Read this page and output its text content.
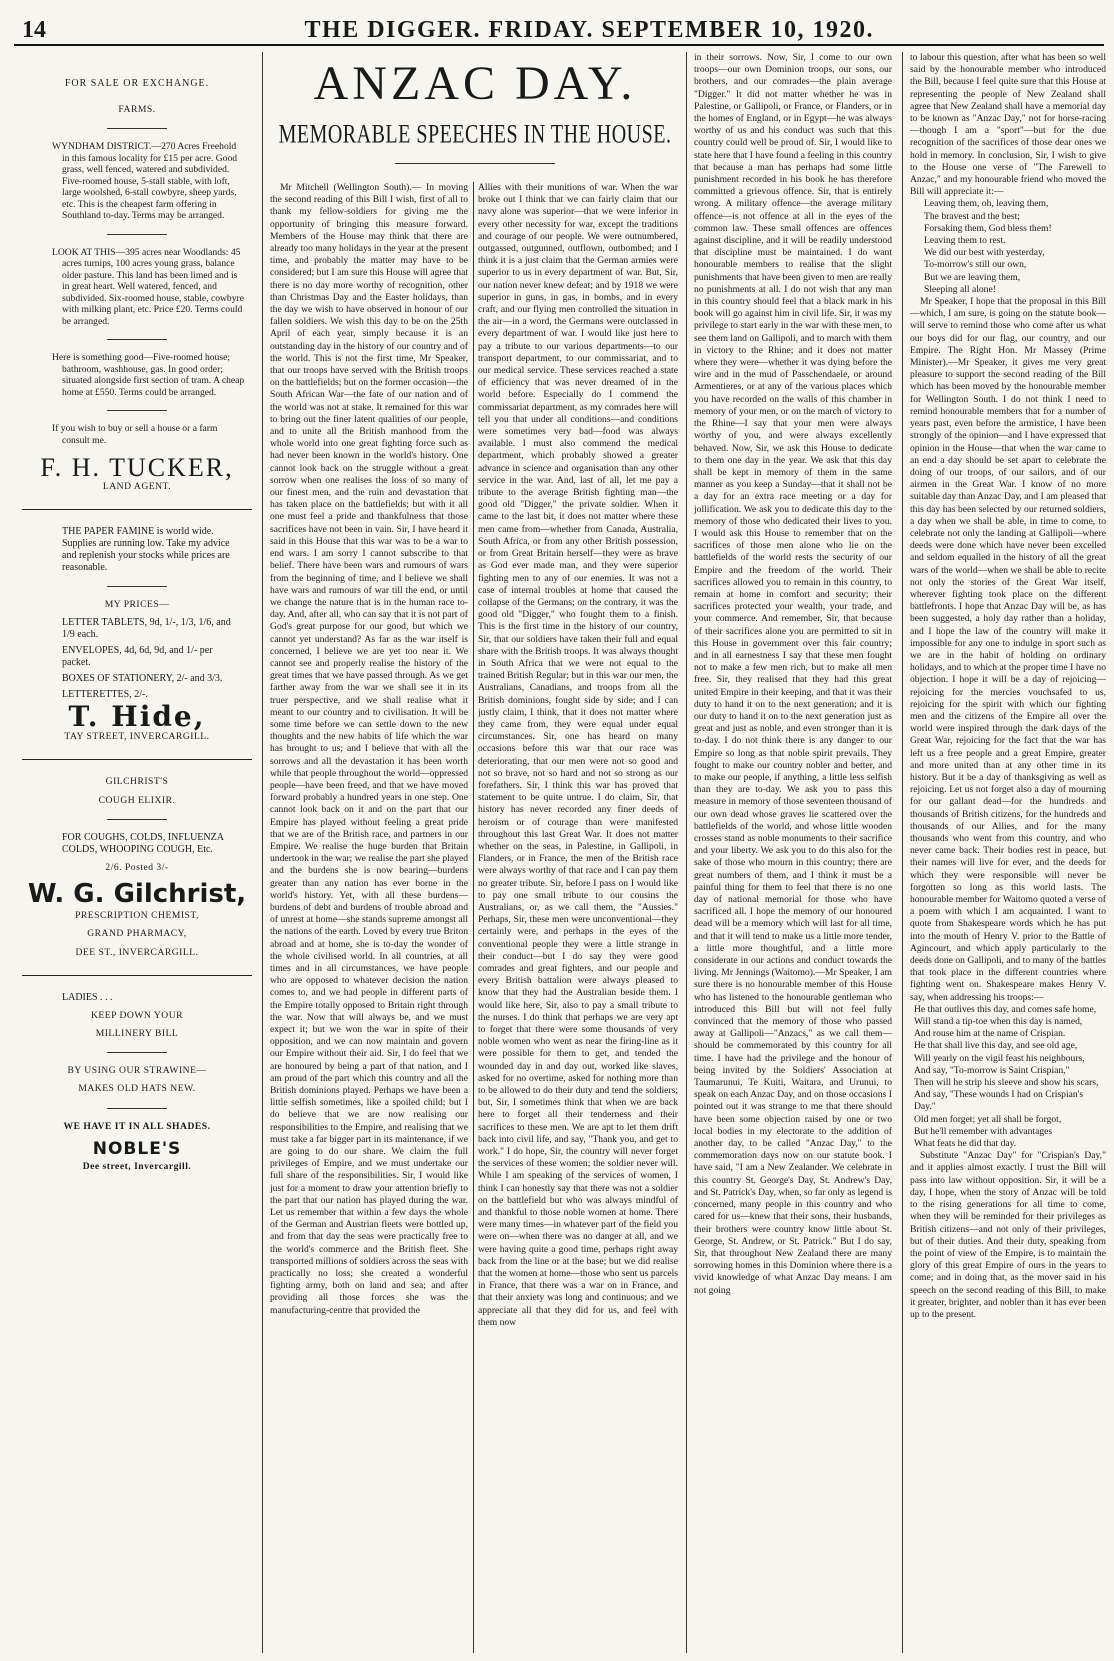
14	THE DIGGER. FRIDAY. SEPTEMBER 10, 1920.
FOR SALE OR EXCHANGE.
FARMS.
WYNDHAM DISTRICT.—270 Acres Freehold in this famous locality for £15 per acre. Good grass, well fenced, watered and subdivided. Five-roomed house, 5-stall stable, with loft, large woolshed, 6-stall cowbyre, sheep yards, etc. This is the cheapest farm offering in Southland to-day. Terms may be arranged.
LOOK AT THIS—395 acres near Woodlands: 45 acres turnips, 100 acres young grass, balance older pasture. This land has been limed and is in great heart. Well watered, fenced, and subdivided. Six-roomed house, stable, cowbyre with milking plant, etc. Price £20. Terms could be arranged.
Here is something good—Five-roomed house; bathroom, washhouse, gas. In good order; situated alongside first section of tram. A cheap home at £550. Terms could be arranged.
If you wish to buy or sell a house or a farm consult me.
F. H. TUCKER,
LAND AGENT.
THE PAPER FAMINE is world wide. Supplies are running low. Take my advice and replenish your stocks while prices are reasonable.
MY PRICES—
LETTER TABLETS, 9d, 1/-, 1/3, 1/6, and 1/9 each.
ENVELOPES, 4d, 6d, 9d, and 1/- per packet.
BOXES OF STATIONERY, 2/- and 3/3.
LETTERETTES, 2/-.
T. Hide,
TAY STREET, INVERCARGILL.
GILCHRIST'S
COUGH ELIXIR.
FOR COUGHS, COLDS, INFLUENZA COLDS, WHOOPING COUGH, Etc.
2/6. Posted 3/-
W. G. Gilchrist,
PRESCRIPTION CHEMIST,
GRAND PHARMACY,
DEE ST., INVERCARGILL.
LADIES . . .
KEEP DOWN YOUR
MILLINERY BILL
BY USING OUR STRAWINE—
MAKES OLD HATS NEW.
WE HAVE IT IN ALL SHADES.
NOBLE'S
Dee street, Invercargill.
ANZAC DAY.
MEMORABLE SPEECHES IN THE HOUSE.

Mr Mitchell (Wellington South).— In moving the second reading of this Bill I wish, first of all to thank my fellow-soldiers for giving me the opportunity of bringing this measure forward. Members of the House may think that there are already too many holidays in the year at the present time, and probably the matter may have to be considered; but I am sure this House will agree that there is no day more worthy of recognition, other than Christmas Day and the Easter holidays, than the day we wish to have observed in honour of our fallen soldiers. We wish this day to be on the 25th April of each year, simply because it is an outstanding day in the history of our country and of the world. This is not the first time, Mr Speaker, that our troops have served with the British troops on the battlefields; but on the former occasion—the South African War—the fate of our nation and of the world was not at stake. It remained for this war to bring out the finer latent qualities of our people, and to unite all the British manhood from the whole world into one great fighting force such as had never been known in the world's history. One cannot look back on the struggle without a great sorrow when one realises the loss of so many of our finest men, and the ruin and devastation that has taken place on the battlefields; but with it all one must feel a pride and thankfulness that those sacrifices have not been in vain. Sir, I have heard it said in this House that this war was to be a war to end wars. I am sorry I cannot subscribe to that belief. There have been wars and rumours of wars from the beginning of time, and I believe we shall have wars and rumours of war till the end, or until we change the nature that is in the human race to-day. And, after all, who can say that it is not part of God's great purpose for our good, but which we cannot yet understand? As far as the war itself is concerned, I believe we are yet too near it. We cannot see and properly realise the history of the great times that we have passed through. As we get farther away from the war we shall see it in its truer perspective, and we shall realise what it meant to our country and to civilisation. It will be some time before we can settle down to the new thoughts and the new habits of life which the war has brought to us; and I believe that with all the sorrows and all the devastation it has been worth while that people throughout the world—oppressed people—have been freed, and that we have moved forward probably a hundred years in one step. One cannot look back on it and on the part that our Empire has played without feeling a great pride that we are of the British race, and partners in our Empire. We realise the huge burden that Britain undertook in the war; we realise the part she played and the burdens she is now bearing—burdens greater than any nation has ever borne in the world's history. Yet, with all these burdens—burdens of debt and burdens of trouble abroad and of unrest at home—she stands supreme amongst all the nations of the earth. Loved by every true Briton abroad and at home, she is to-day the wonder of the whole civilised world. In all countries, at all times and in all circumstances, we have people who are opposed to whatever decision the nation comes to, and we had people in different parts of the Empire totally opposed to Britain right through the war. Now that will always be, and we must expect it; but we won the war in spite of their opposition, and we can now maintain and govern our Empire without their aid. Sir, I do feel that we are honoured by being a part of that nation, and I am proud of the part which this country and all the British dominions played. Perhaps we have been a little selfish sometimes, like a spoiled child; but I do believe that we are now realising our responsibilities to the Empire, and realising that we must take a far bigger part in its maintenance, if we are going to do our share. We claim the full privileges of Empire, and we must undertake our full share of the responsibilities. Sir, I would like just for a moment to draw your attention briefly to the part that our nation has played during the war. Let us remember that within a few days the whole of the German and Austrian fleets were bottled up, and from that day the seas were practically free to the world's commerce and the British fleet. She transported millions of soldiers across the seas with practically no loss; she created a wonderful fighting army, both on land and sea; and after providing all those forces she was the manufacturing-centre that provided the

Allies with their munitions of war. When the war broke out I think that we can fairly claim that our navy alone was superior—that we were inferior in every other necessity for war, except the traditions and courage of our people. We were outnumbered, outgassed, outgunned, outflown, outbombed; and I think it is a just claim that the German armies were superior to us in every department of war. But, Sir, our nation never knew defeat; and by 1918 we were superior in guns, in gas, in bombs, and in every craft, and our flying men controlled the situation in the air—in a word, the Germans were outclassed in every department of war. I would like just here to pay a tribute to our various departments—to our transport department, to our commissariat, and to our medical service. These services reached a state of efficiency that was never dreamed of in the world before. Especially do I commend the commissariat department, as my comrades here will tell you that under all conditions—and conditions were sometimes very bad—food was always available. I must also commend the medical department, which probably showed a greater advance in science and organisation than any other service in the war. And, last of all, let me pay a tribute to the average British fighting man—the good old "Digger," the private soldier. When it came to the last bit, it does not matter where these men came from—whether from Canada, Australia, South Africa, or from any other British possession, or from Great Britain herself—they were as brave as God ever made man, and they were superior fighting men to any of our enemies. It was not a case of internal troubles at home that caused the collapse of the Germans; on the contrary, it was the good old "Digger," who fought them to a finish. This is the first time in the history of our country, Sir, that our soldiers have taken their full and equal share with the British troops. It was always thought in South Africa that we were not equal to the trained British Regular; but in this war our men, the Australians, Canadians, and troops from all the British dominions, fought side by side; and I can justly claim, I think, that it does not matter where they came from, they were equal under equal circumstances. Sir, one has heard on many occasions before this war that our race was deteriorating, that our men were not so good and not so brave, not so hard and not so strong as our forefathers. Sir, I think this war has proved that statement to be quite untrue. I do claim, Sir, that history has never recorded any finer deeds of heroism or of courage than were manifested throughout this last Great War. It does not matter whether on the seas, in Palestine, in Gallipoli, in Flanders, or in France, the men of the British race were always worthy of that race and I can pay them no greater tribute. Sir, before I pass on I would like to pay one small tribute to our cousins the Australians, or, as we call them, the "Aussies." Perhaps, Sir, these men were unconventional—they certainly were, and perhaps in the eyes of the conventional people they were a little strange in their conduct—but I do say they were good comrades and great fighters, and our people and every British battalion were always pleased to know that they had the Australian beside them. I would like here, Sir, also to pay a small tribute to the nurses. I do think that perhaps we are very apt to forget that there were some thousands of very noble women who went as near the firing-line as it were possible for them to get, and tended the wounded day in and day out, worked like slaves, asked for no overtime, asked for nothing more than to be allowed to do their duty and tend the soldiers; but, Sir, I sometimes think that when we are back here to forget all their tenderness and their sacrifices to these men. We are apt to let them drift back into civil life, and say, "Thank you, and get to work." I do hope, Sir, the country will never forget the services of these women; the soldier never will. While I am speaking of the services of women, I think I can honestly say that there was not a soldier on the battlefield but who was always mindful of and thankful to those noble women at home. There were many times—in whatever part of the field you were on—when there was no danger at all, and we were having quite a good time, perhaps right away back from the line or at the base; but we did realise that the women at home—those who sent us parcels in France, that there was a war on in France, and that their anxiety was long and continuous; and we appreciate all that they did for us, and feel with them now

in their sorrows. Now, Sir, I come to our own troops—our own Dominion troops, our sons, our brothers, and our comrades—the plain average "Digger." It did not matter whether he was in Palestine, or Gallipoli, or France, or Flanders, or in the homes of England, or in Egypt—he was always worthy of us and his conduct was such that this country could well be proud of. Sir, I would like to state here that I have found a feeling in this country that because a man has perhaps had some little punishment recorded in his book he has therefore committed a grievous offence. Sir, that is entirely wrong. A military offence—the average military offence—is not offence at all in the eyes of the common law. These small offences are offences against discipline, and it will be readily understood that discipline must be maintained. I do want honourable members to realise that the slight punishments that have been given to men are really no punishments at all. I do not wish that any man in this country should feel that a black mark in his book will go against him in civil life. Sir, it was my privilege to start early in the war with these men, to see them land on Gallipoli, and to march with them in victory to the Rhine; and it does not matter where they were—whether it was dying before the wire and in the mud of Passchendaele, or around Armentieres, or at any of the various places which you have recorded on the walls of this chamber in memory of your men, or on the march of victory to the Rhine—I say that your men were always worthy of you, and were always excellently behaved. Now, Sir, we ask this House to dedicate to them one day in the year. We ask that this day shall be kept in memory of them in the same manner as you keep a Sunday—that it shall not be a day for an extra race meeting or a day for jollification. We ask you to dedicate this day to the memory of those who dedicated their lives to you. I would ask this House to remember that on the sacrifices of those men alone who lie on the battlefields of the world rests the security of our Empire and the freedom of the world. Their sacrifices allowed you to remain in this country, to remain at home in comfort and security; their sacrifices protected your wealth, your trade, and your commerce. And remember, Sir, that because of their sacrifices alone you are permitted to sit in this House in government over this fair country; and in all earnestness I say that these men fought not to make a few men rich, but to make all men free. Sir, they realised that they had this great united Empire in their keeping, and that it was their duty to hand it on to the next generation; and it is our duty to hand it on to the next generation just as great and just as noble, and even stronger than it is to-day. I do not think there is any danger to our Empire so long as that noble spirit prevails. They fought to make our country nobler and better, and to make our people, if anything, a little less selfish than they are to-day. We ask you to pass this measure in memory of those seventeen thousand of our own dead whose graves lie scattered over the battlefields of the world, and whose little wooden crosses stand as noble monuments to their sacrifice and your liberty. We ask you to do this also for the sake of those who mourn in this country; there are great numbers of them, and I think it must be a painful thing for them to feel that there is no one day of national memorial for those who have sacrificed all. I hope the memory of our honoured dead will be a memory which will last for all time, and that it will tend to make us a little more tender, a little more thoughtful, and a little more considerate in our actions and conduct towards the living. Mr Jennings (Waitomo).—Mr Speaker, I am sure there is no honourable member of this House who has listened to the honourable gentleman who introduced this Bill but will not feel fully convinced that the memory of those who passed away at Gallipoli—"Anzacs," as we call them—should be commemorated by this country for all time. I have had the privilege and the honour of being invited by the Soldiers' Association at Taumarunui, Te Kuiti, Waitara, and Urunui, to speak on each Anzac Day, and on those occasions I pointed out it was strange to me that there should have been some objection raised by one or two local bodies in my electorate to the addition of another day, to be called "Anzac Day," to the commemoration days now on our statute book. I have said, "I am a New Zealander. We celebrate in this country St. George's Day, St. Andrew's Day, and St. Patrick's Day, when, so far only as legend is concerned, many people in this country and who cared for us—knew that their sons, their husbands, their brothers were country know little about St. George, St. Andrew, or St. Patrick." But I do say, Sir, that throughout New Zealand there are many sorrowing homes in this Dominion where there is a vivid knowledge of what Anzac Day means. I am not going

to labour this question, after what has been so well said by the honourable member who introduced the Bill, because I feel quite sure that this House at representing the people of New Zealand shall agree that New Zealand shall have a memorial day to be known as "Anzac Day," not for horse-racing—though I am a "sport"—but for the due recognition of the sacrifices of those dear ones we hold in memory. In conclusion, Sir, I wish to give to the House one verse of "The Farewell to Anzac," and my honourable friend who moved the Bill will appreciate it:—

Leaving them, oh, leaving them,
The bravest and the best;
Forsaking them, God bless them!
Leaving them to rest.
We did our best with yesterday,
To-morrow's still our own,
But we are leaving them,
Sleeping all alone!

Mr Speaker, I hope that the proposal in this Bill—which, I am sure, is going on the statute book—will serve to remind those who come after us what our boys did for our flag, our country, and our Empire. The Right Hon. Mr Massey (Prime Minister).—Mr Speaker, it gives me very great pleasure to support the second reading of the Bill which has been moved by the honourable member for Wellington South. I do not think I need to remind honourable members that for a number of years past, even before the armistice, I have been strongly of the opinion—and I have expressed that opinion in the House—that when the war came to an end a day should be set apart to celebrate the doing of our troops, of our sailors, and of our airmen in the Great War. I know of no more suitable day than Anzac Day, and I am pleased that this day has been selected by our returned soldiers, a day when we shall be able, in time to come, to celebrate not only the landing at Gallipoli—where deeds were done which have never been excelled and seldom equalled in the history of all the great wars of the world—when we shall be able to recite not only the stories of the Great War itself, wherever fighting took place on the different battlefronts. I hope that Anzac Day will be, as has been suggested, a holy day rather than a holiday, and I hope the law of the country will make it impossible for any one to indulge in sport such as we are in the habit of holding on ordinary holidays, and to which at the proper time I have no objection. I hope it will be a day of rejoicing—rejoicing for the mercies vouchsafed to us, rejoicing for the spirit with which our fighting men and the citizens of the Empire all over the world were inspired through the dark days of the Great War, rejoicing for the fact that the war has left us a free people and a great Empire, greater and more united than at any other time in its history. But it be a day of thanksgiving as well as rejoicing. Let us not forget also a day of mourning for our gallant dead—for the hundreds and thousands of British citizens, for the hundreds and thousands of our Allies, and for the many thousands who went from this country, and who never came back. Their bodies rest in peace, but their names will live for ever, and the deeds for which they were responsible will never be forgotten so long as this world lasts. The honourable member for Waitomo quoted a verse of a poem with which I am acquainted. I want to quote from Shakespeare words which he has put into the mouth of Henry V. prior to the Battle of Agincourt, and which apply particularly to the deeds done on Gallipoli, and to many of the battles that took place in the different countries where fighting went on. Shakespeare makes Henry V. say, when addressing his troops:—

He that outlives this day, and comes safe home,
Will stand a tip-toe when this day is named,
And rouse him at the name of Crispian.
He that shall live this day, and see old age,
Will yearly on the vigil feast his neighbours,
And say, "To-morrow is Saint Crispian,"
Then will he strip his sleeve and show his scars,
And say, "These wounds I had on Crispian's Day."
Old men forget; yet all shall be forgot,
But he'll remember with advantages
What feats he did that day.

Substitute "Anzac Day" for "Crispian's Day," and it applies almost exactly. I trust the Bill will pass into law without opposition. Sir, it will be a day, I hope, when the story of Anzac will be told to the rising generations for all time to come, when they will be reminded for their privileges as British citizens—and not only of their privileges, but of their duties. And their duty, speaking from the point of view of the Empire, is to maintain the glory of this great Empire of ours in the years to come; and in doing that, as the mover said in his speech on the second reading of this Bill, to make it greater, brighter, and nobler than it has ever been up to the present.
